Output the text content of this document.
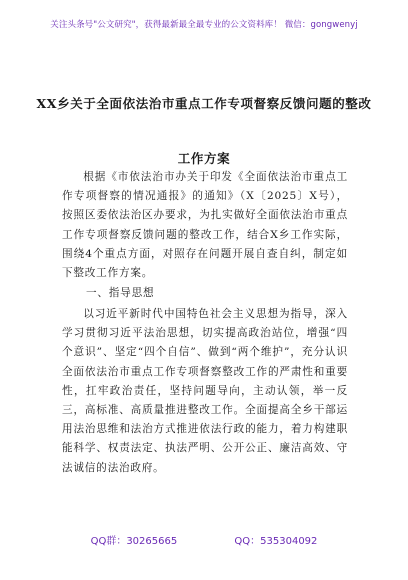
关注头条号"公文研究"，获得最新最全最专业的公文资料库！ 微信：gongwenyj
XX乡关于全面依法治市重点工作专项督察反馈问题的整改
工作方案

根据《市依法治市办关于印发《全面依法治市重点工作专项督察的情况通报》的通知》（X〔2025〕X号），按照区委依法治区办要求，为扎实做好全面依法治市重点工作专项督察反馈问题的整改工作，结合X乡工作实际，围绕4个重点方面，对照存在问题开展自查自纠，制定如下整改工作方案。

一、指导思想

以习近平新时代中国特色社会主义思想为指导，深入学习贯彻习近平法治思想，切实提高政治站位，增强“四个意识”、坚定“四个自信”、做到“两个维护”，充分认识全面依法治市重点工作专项督察整改工作的严肃性和重要性，扛牢政治责任，坚持问题导向，主动认领，举一反三，高标准、高质量推进整改工作。全面提高全乡干部运用法治思维和法治方式推进依法行政的能力，着力构建职能科学、权责法定、执法严明、公开公正、廉洁高效、守法诚信的法治政府。

QQ群：30265665	QQ：535304092
